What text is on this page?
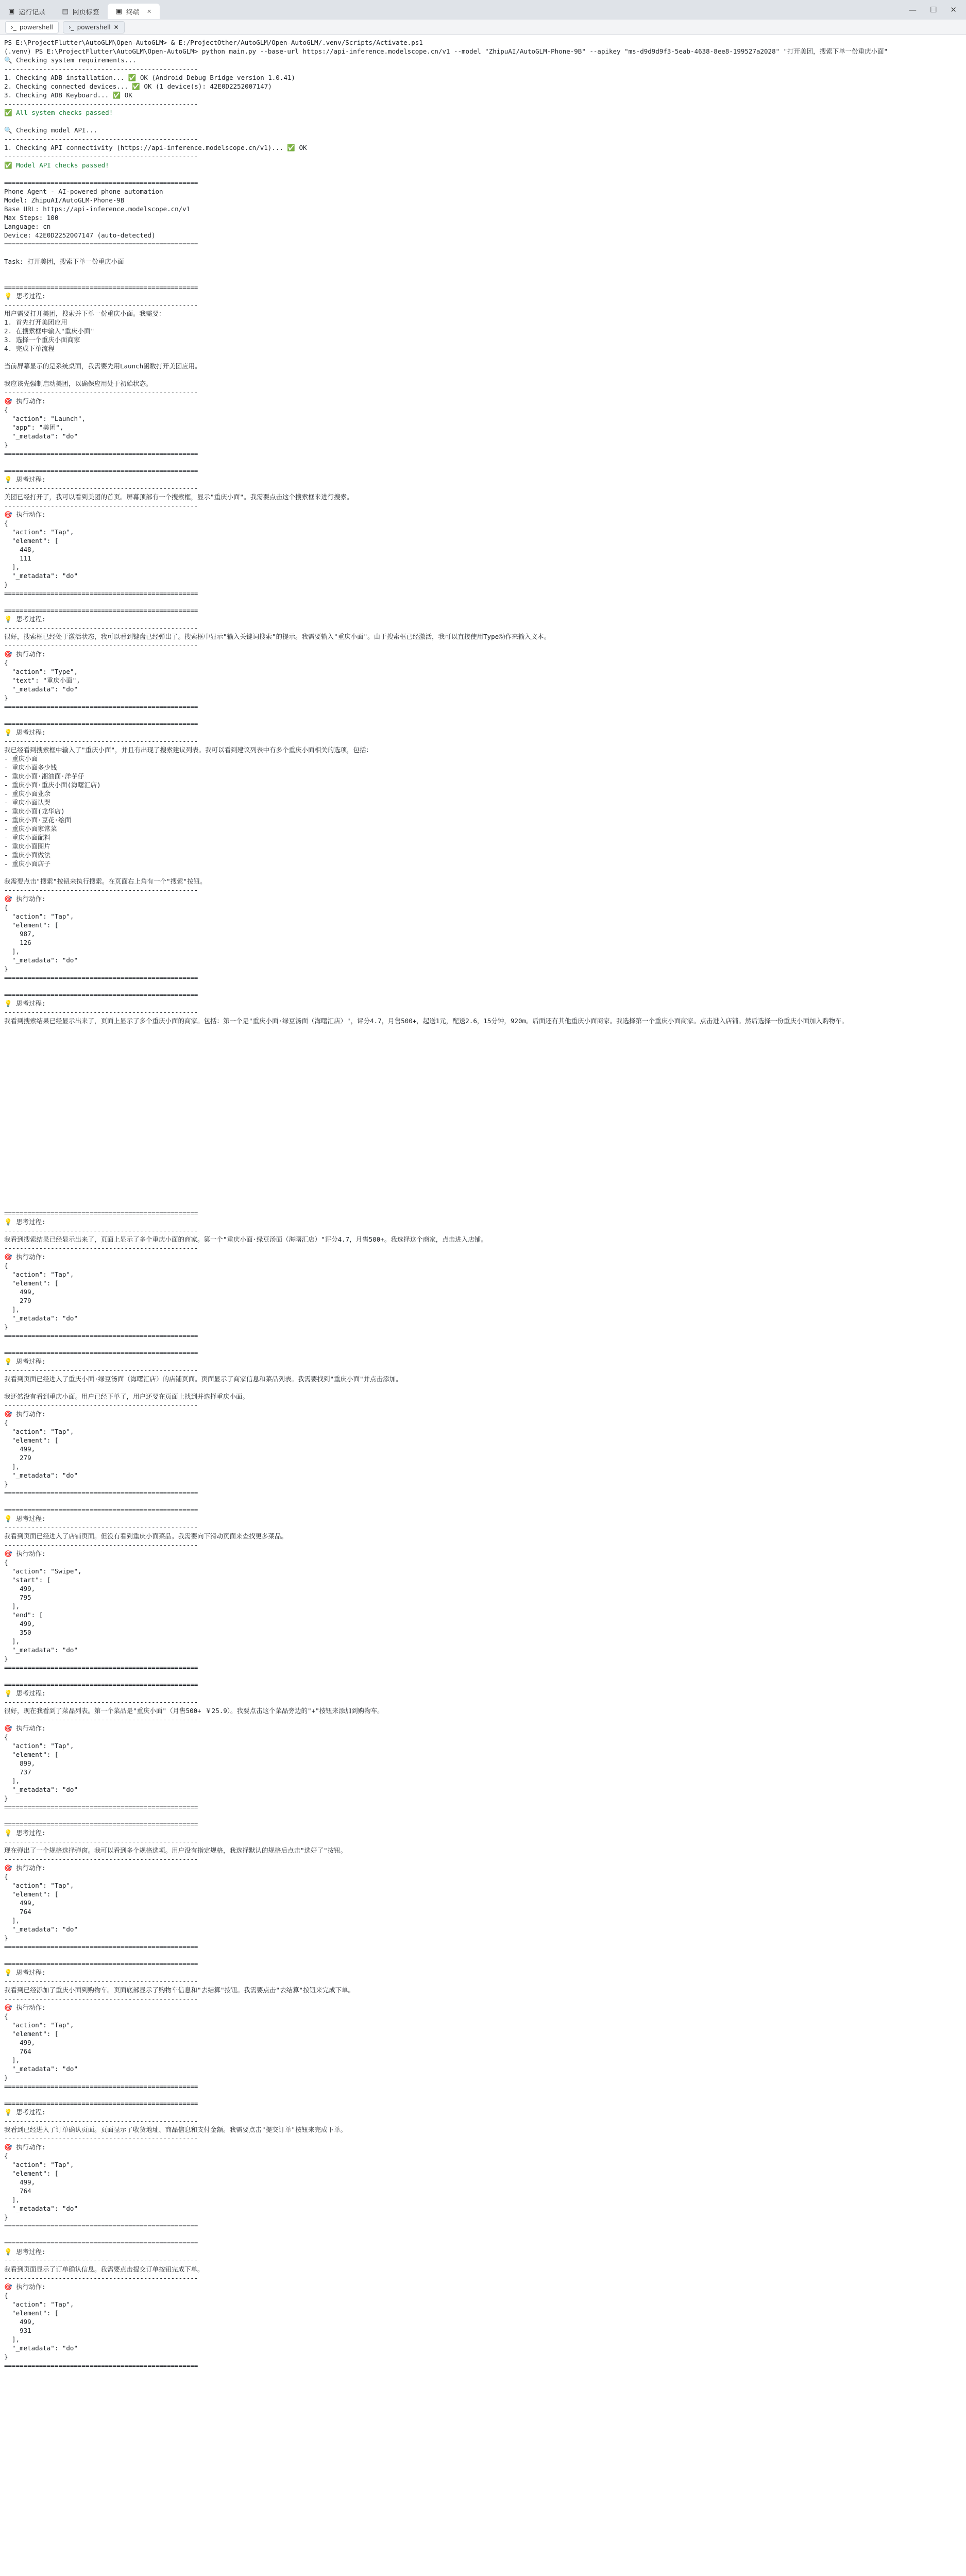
▣ 运行记录 ▤ 网页标签 ▣ 终端 ✕	— ☐ ✕
›_ powershell	›_ powershell ✕

PS E:\ProjectFlutter\AutoGLM\Open-AutoGLM> & E:/ProjectOther/AutoGLM/Open-AutoGLM/.venv/Scripts/Activate.ps1

(.venv) PS E:\ProjectFlutter\AutoGLM\Open-AutoGLM> python main.py --base-url https://api-inference.modelscope.cn/v1 --model "ZhipuAI/AutoGLM-Phone-9B" --apikey "ms-d9d9d9f3-5eab-4638-8ee8-199527a2028" "打开美团，搜索下单一份重庆小面"

🔍 Checking system requirements...

--------------------------------------------------

1. Checking ADB installation... ✅ OK (Android Debug Bridge version 1.0.41)

2. Checking connected devices... ✅ OK (1 device(s): 42E0D2252007147)

3. Checking ADB Keyboard... ✅ OK

--------------------------------------------------

✅ All system checks passed!

🔍 Checking model API...

--------------------------------------------------

1. Checking API connectivity (https://api-inference.modelscope.cn/v1)... ✅ OK

--------------------------------------------------

✅ Model API checks passed!

==================================================

Phone Agent - AI-powered phone automation

Model: ZhipuAI/AutoGLM-Phone-9B

Base URL: https://api-inference.modelscope.cn/v1

Max Steps: 100

Language: cn

Device: 42E0D2252007147 (auto-detected)

==================================================

Task: 打开美团，搜索下单一份重庆小面

==================================================

💡 思考过程:

--------------------------------------------------

用户需要打开美团，搜索并下单一份重庆小面。我需要：
1. 首先打开美团应用
2. 在搜索框中输入"重庆小面"
3. 选择一个重庆小面商家
4. 完成下单流程

当前屏幕显示的是系统桌面，我需要先用Launch函数打开美团应用。

我应该先强制启动美团，以确保应用处于初始状态。

--------------------------------------------------

🎯 执行动作:

{
"action": "Launch",
"app": "美团",
"_metadata": "do"
}

==================================================

==================================================

💡 思考过程:

--------------------------------------------------

美团已经打开了，我可以看到美团的首页。屏幕顶部有一个搜索框，显示"重庆小面"。我需要点击这个搜索框来进行搜索。

--------------------------------------------------

🎯 执行动作:

{
"action": "Tap",
"element": [
448,
111
],
"_metadata": "do"
}

==================================================

==================================================

💡 思考过程:

--------------------------------------------------

很好，搜索框已经处于激活状态，我可以看到键盘已经弹出了。搜索框中显示"输入关键词搜索"的提示。我需要输入"重庆小面"。由于搜索框已经激活，我可以直接使用Type动作来输入文本。

--------------------------------------------------

🎯 执行动作:

{
"action": "Type",
"text": "重庆小面",
"_metadata": "do"
}

==================================================

==================================================

💡 思考过程:

--------------------------------------------------

我已经看到搜索框中输入了"重庆小面"，并且有出现了搜索建议列表。我可以看到建议列表中有多个重庆小面相关的选项，包括：
- 重庆小面
- 重庆小面多少钱
- 重庆小面·湘油面·洋芋仔
- 重庆小面·重庆小面(海曙汇店)
- 重庆小面业余
- 重庆小面认哭
- 重庆小面(龙华店)
- 重庆小面·豆花·绘面
- 重庆小面家常菜
- 重庆小面配料
- 重庆小面图片
- 重庆小面做法
- 重庆小面店子

我需要点击"搜索"按钮来执行搜索。在页面右上角有一个"搜索"按钮。

--------------------------------------------------

🎯 执行动作:

{
"action": "Tap",
"element": [
987,
126
],
"_metadata": "do"
}

==================================================

==================================================

💡 思考过程:

--------------------------------------------------

我看到搜索结果已经显示出来了，页面上显示了多个重庆小面的商家。包括：第一个是"重庆小面·绿豆汤面（海曙汇店）"，评分4.7，月售500+，起送1元，配送2.6，15分钟，920m。后面还有其他重庆小面商家。我选择第一个重庆小面商家。点击进入店铺。然后选择一份重庆小面加入购物车。

==================================================

💡 思考过程:

--------------------------------------------------

我看到搜索结果已经显示出来了，页面上显示了多个重庆小面的商家。第一个"重庆小面·绿豆汤面（海曙汇店）"评分4.7，月售500+。我选择这个商家，点击进入店铺。

--------------------------------------------------

🎯 执行动作:

{
"action": "Tap",
"element": [
499,
279
],
"_metadata": "do"
}

==================================================

==================================================

💡 思考过程:

--------------------------------------------------

我看到页面已经进入了重庆小面·绿豆汤面（海曙汇店）的店铺页面。页面显示了商家信息和菜品列表。我需要找到"重庆小面"并点击添加。

我还然没有看到重庆小面。用户已经下单了，用户还要在页面上找到并选择重庆小面。

--------------------------------------------------

🎯 执行动作:

{
"action": "Tap",
"element": [
499,
279
],
"_metadata": "do"
}

==================================================

==================================================

💡 思考过程:

--------------------------------------------------

我看到页面已经进入了店铺页面。但没有看到重庆小面菜品。我需要向下滑动页面来查找更多菜品。

--------------------------------------------------

🎯 执行动作:

{
"action": "Swipe",
"start": [
499,
795
],
"end": [
499,
350
],
"_metadata": "do"
}

==================================================

==================================================

💡 思考过程:

--------------------------------------------------

很好，现在我看到了菜品列表。第一个菜品是"重庆小面"（月售500+ ￥25.9）。我要点击这个菜品旁边的"+"按钮来添加到购物车。

--------------------------------------------------

🎯 执行动作:

{
"action": "Tap",
"element": [
899,
737
],
"_metadata": "do"
}

==================================================

==================================================

💡 思考过程:

--------------------------------------------------

现在弹出了一个规格选择弹窗。我可以看到多个规格选项。用户没有指定规格，我选择默认的规格后点击"选好了"按钮。

--------------------------------------------------

🎯 执行动作:

{
"action": "Tap",
"element": [
499,
764
],
"_metadata": "do"
}

==================================================

==================================================

💡 思考过程:

--------------------------------------------------

我看到已经添加了重庆小面到购物车。页面底部显示了购物车信息和"去结算"按钮。我需要点击"去结算"按钮来完成下单。

--------------------------------------------------

🎯 执行动作:

{
"action": "Tap",
"element": [
499,
764
],
"_metadata": "do"
}

==================================================

==================================================

💡 思考过程:

--------------------------------------------------

我看到已经进入了订单确认页面。页面显示了收货地址、商品信息和支付金额。我需要点击"提交订单"按钮来完成下单。

--------------------------------------------------

🎯 执行动作:

{
"action": "Tap",
"element": [
499,
764
],
"_metadata": "do"
}

==================================================

==================================================

💡 思考过程:

--------------------------------------------------

我看到页面显示了订单确认信息。我需要点击提交订单按钮完成下单。

--------------------------------------------------

🎯 执行动作:

{
"action": "Tap",
"element": [
499,
931
],
"_metadata": "do"
}

==================================================
